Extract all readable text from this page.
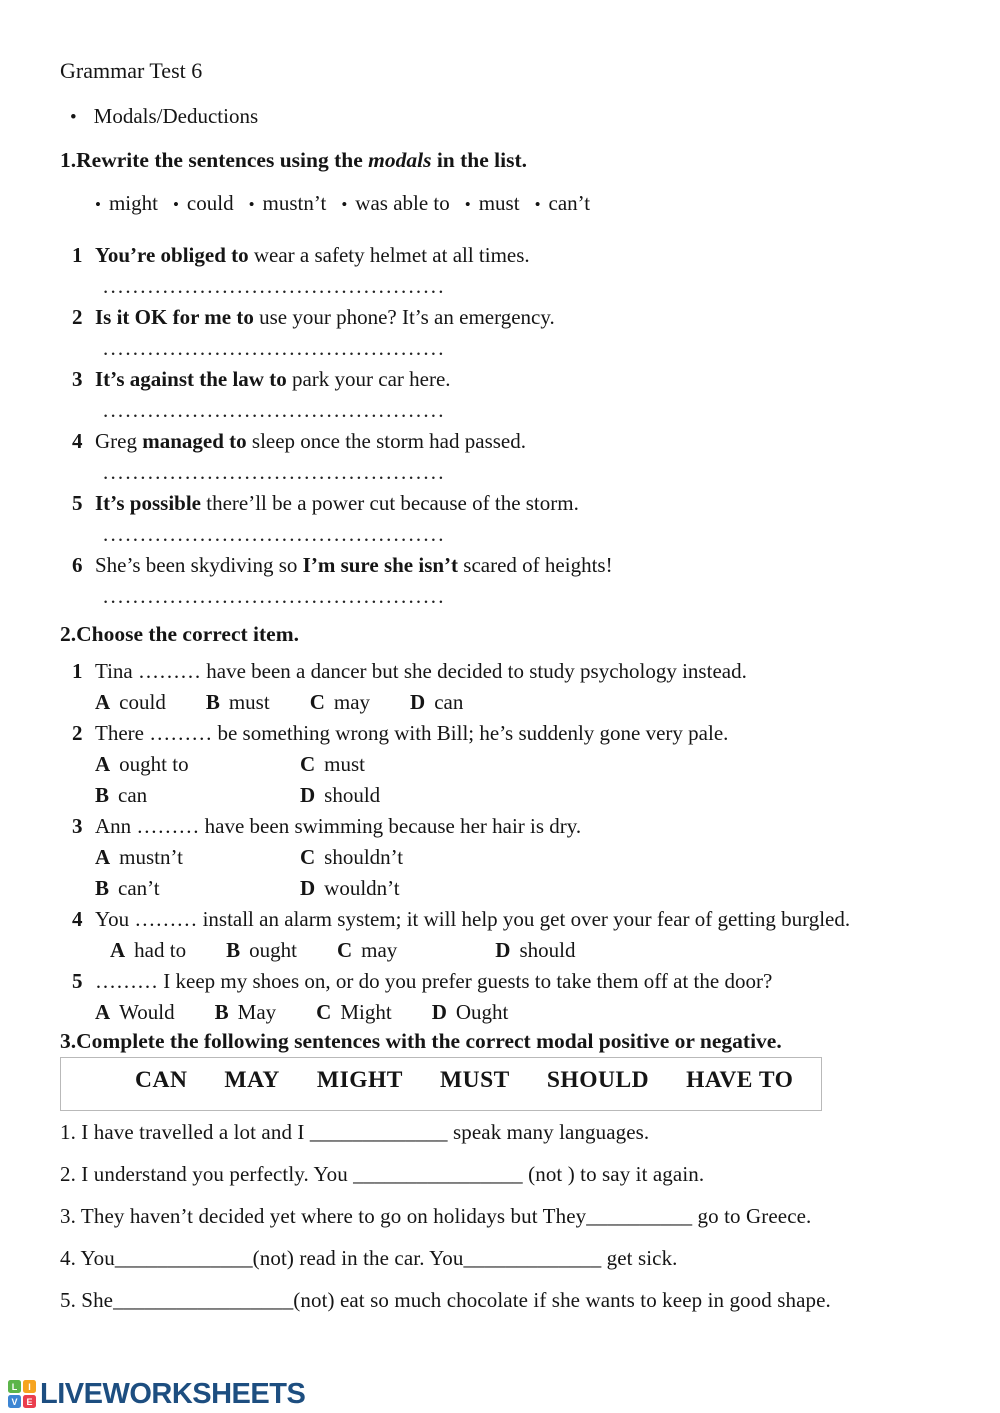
Grammar Test 6
• Modals/Deductions
1.Rewrite the sentences using the modals in the list.
• might • could • mustn’t • was able to • must • can’t
1 You’re obliged to wear a safety helmet at all times.
..............................................
2 Is it OK for me to use your phone? It’s an emergency.
..............................................
3 It’s against the law to park your car here.
..............................................
4 Greg managed to sleep once the storm had passed.
..............................................
5 It’s possible there’ll be a power cut because of the storm.
..............................................
6 She’s been skydiving so I’m sure she isn’t scared of heights!
..............................................
2.Choose the correct item.
1 Tina ……… have been a dancer but she decided to study psychology instead.
A could B must C may D can
2 There ……… be something wrong with Bill; he’s suddenly gone very pale.
A ought to	C must
B can	D should
3 Ann ……… have been swimming because her hair is dry.
A mustn’t	C shouldn’t
B can’t	D wouldn’t
4 You ……… install an alarm system; it will help you get over your fear of getting burgled.
A had to B ought C may	D should
5 ……… I keep my shoes on, or do you prefer guests to take them off at the door?
A Would B May C Might D Ought
3.Complete the following sentences with the correct modal positive or negative.
CAN MAY MIGHT MUST SHOULD HAVE TO
1. I have travelled a lot and I _____________ speak many languages.
2. I understand you perfectly. You ________________ (not ) to say it again.
3. They haven’t decided yet where to go on holidays but They__________ go to Greece.
4. You_____________(not) read in the car. You_____________ get sick.
5. She_________________(not) eat so much chocolate if she wants to keep in good shape.
L	I
V E LIVEWORKSHEETS
